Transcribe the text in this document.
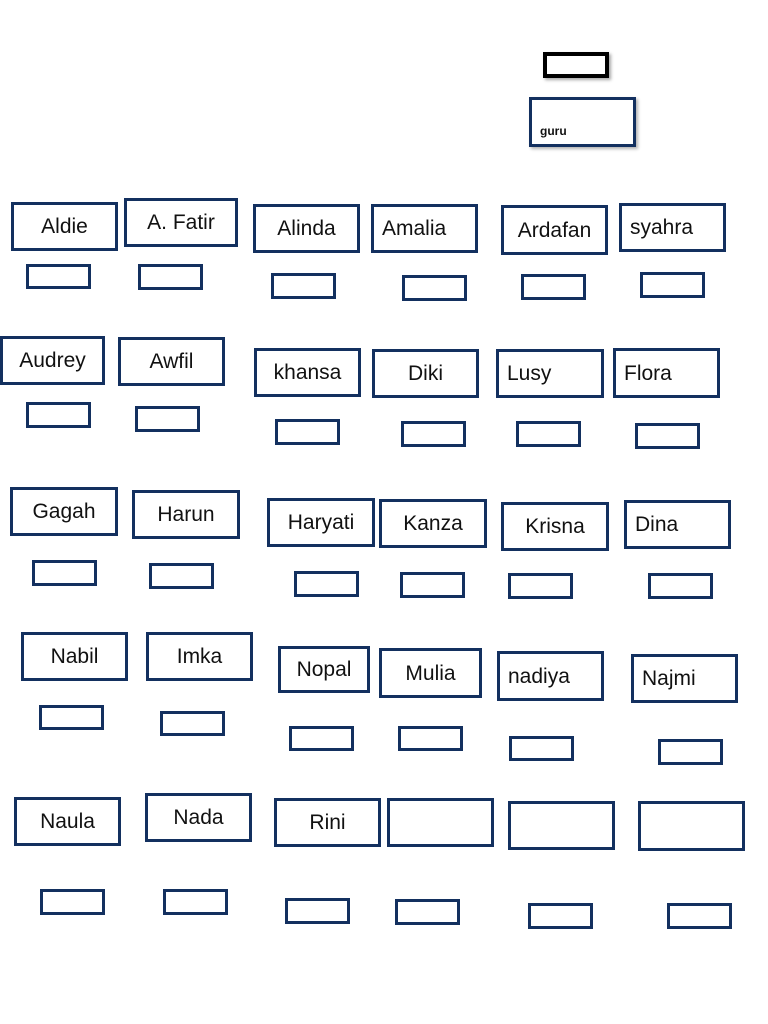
guru
Aldie	A. Fatir	Alinda	Amalia	Ardafan	syahra
Audrey	Awfil	khansa	Diki	Lusy	Flora
Gagah	Harun	Haryati	Kanza	Krisna	Dina
Nabil	Imka
Nopal	Mulia	nadiya	Najmi
Naula	Nada	Rini
